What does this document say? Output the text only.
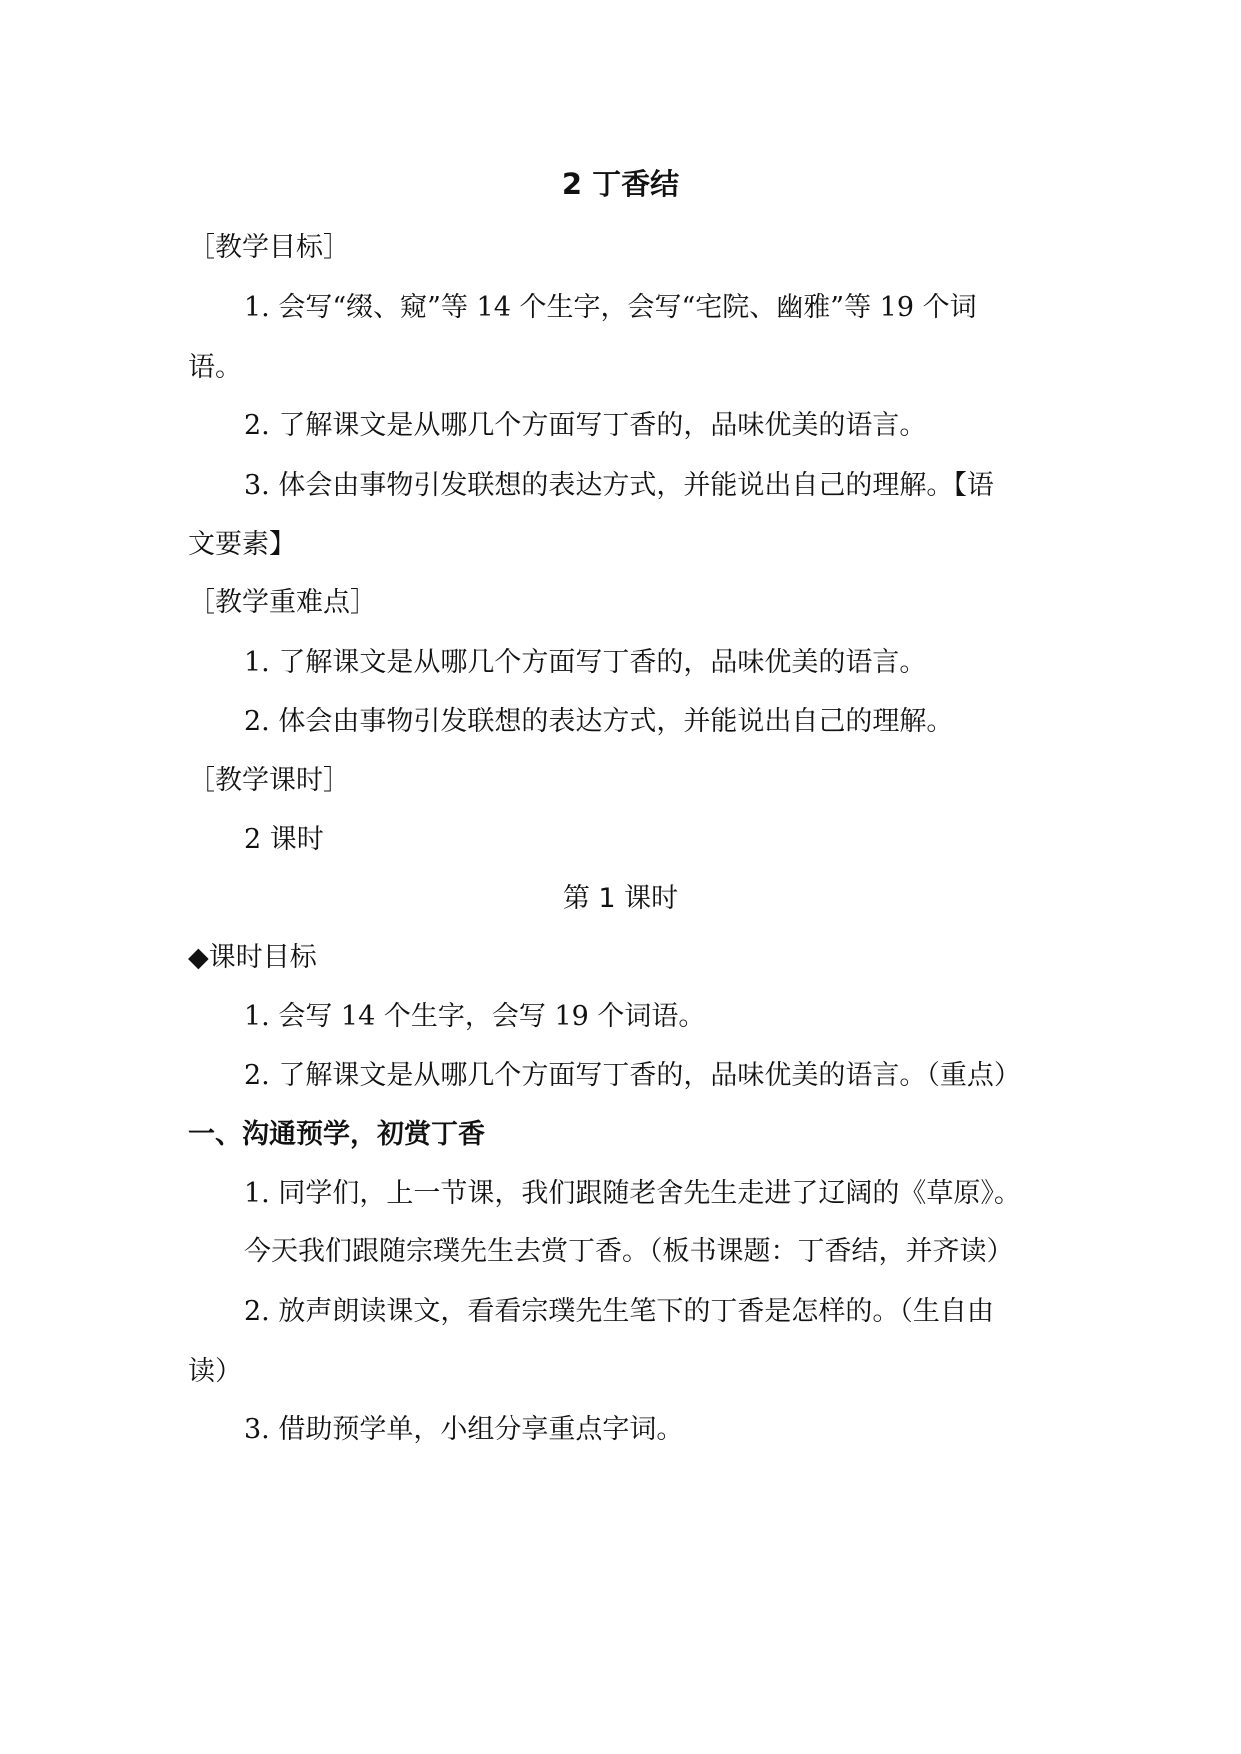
2 丁香结
［教学目标］
1. 会写“缀、窥”等 14 个生字，会写“宅院、幽雅”等 19 个词
语。
2. 了解课文是从哪几个方面写丁香的，品味优美的语言。
3. 体会由事物引发联想的表达方式，并能说出自己的理解。【语
文要素】
［教学重难点］
1. 了解课文是从哪几个方面写丁香的，品味优美的语言。
2. 体会由事物引发联想的表达方式，并能说出自己的理解。
［教学课时］
2 课时
第 1 课时
◆课时目标
1. 会写 14 个生字，会写 19 个词语。
2. 了解课文是从哪几个方面写丁香的，品味优美的语言。（重点）
一、沟通预学，初赏丁香
1. 同学们，上一节课，我们跟随老舍先生走进了辽阔的《草原》。
今天我们跟随宗璞先生去赏丁香。（板书课题：丁香结，并齐读）
2. 放声朗读课文，看看宗璞先生笔下的丁香是怎样的。（生自由
读）
3. 借助预学单，小组分享重点字词。
